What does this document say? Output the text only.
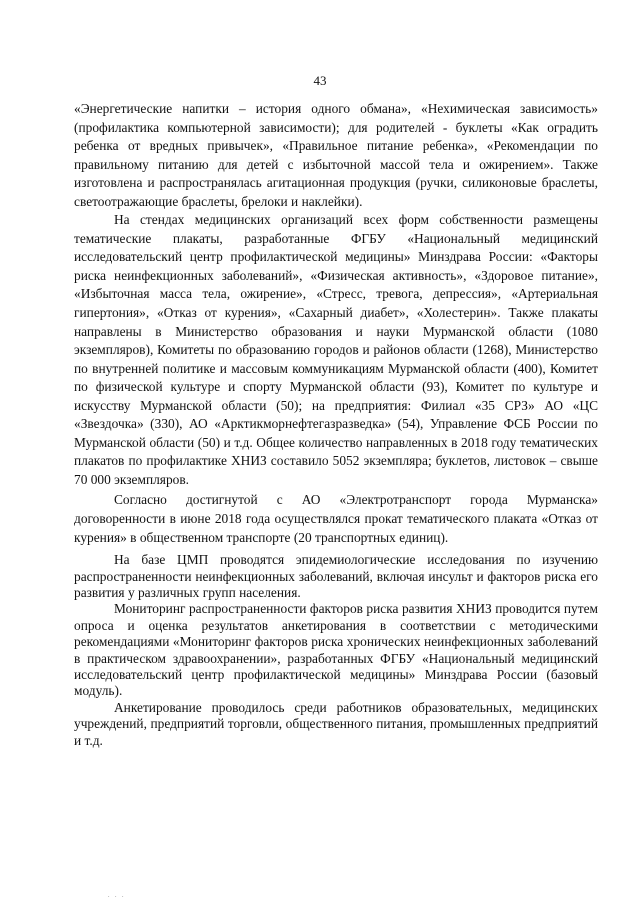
43

«Энергетические напитки – история одного обмана», «Нехимическая зависимость» (профилактика компьютерной зависимости); для родителей - буклеты «Как оградить ребенка от вредных привычек», «Правильное питание ребенка», «Рекомендации по правильному питанию для детей с избыточной массой тела и ожирением». Также изготовлена и распространялась агитационная продукция (ручки, силиконовые браслеты, светоотражающие браслеты, брелоки и наклейки).

На стендах медицинских организаций всех форм собственности размещены тематические плакаты, разработанные ФГБУ «Национальный медицинский исследовательский центр профилактической медицины» Минздрава России: «Факторы риска неинфекционных заболеваний», «Физическая активность», «Здоровое питание», «Избыточная масса тела, ожирение», «Стресс, тревога, депрессия», «Артериальная гипертония», «Отказ от курения», «Сахарный диабет», «Холестерин». Также плакаты направлены в Министерство образования и науки Мурманской области (1080 экземпляров), Комитеты по образованию городов и районов области (1268), Министерство по внутренней политике и массовым коммуникациям Мурманской области (400), Комитет по физической культуре и спорту Мурманской области (93), Комитет по культуре и искусству Мурманской области (50); на предприятия: Филиал «35 СРЗ» АО «ЦС «Звездочка» (330), АО «Арктикморнефтегазразведка» (54), Управление ФСБ России по Мурманской области (50) и т.д. Общее количество направленных в 2018 году тематических плакатов по профилактике ХНИЗ составило 5052 экземпляра; буклетов, листовок – свыше 70 000 экземпляров.

Согласно достигнутой с АО «Электротранспорт города Мурманска» договоренности в июне 2018 года осуществлялся прокат тематического плаката «Отказ от курения» в общественном транспорте (20 транспортных единиц).

На базе ЦМП проводятся эпидемиологические исследования по изучению распространенности неинфекционных заболеваний, включая инсульт и факторов риска его развития у различных групп населения.

Мониторинг распространенности факторов риска развития ХНИЗ проводится путем опроса и оценка результатов анкетирования в соответствии с методическими рекомендациями «Мониторинг факторов риска хронических неинфекционных заболеваний в практическом здравоохранении», разработанных ФГБУ «Национальный медицинский исследовательский центр профилактической медицины» Минздрава России (базовый модуль).

Анкетирование проводилось среди работников образовательных, медицинских учреждений, предприятий торговли, общественного питания, промышленных предприятий и т.д.

. . .
